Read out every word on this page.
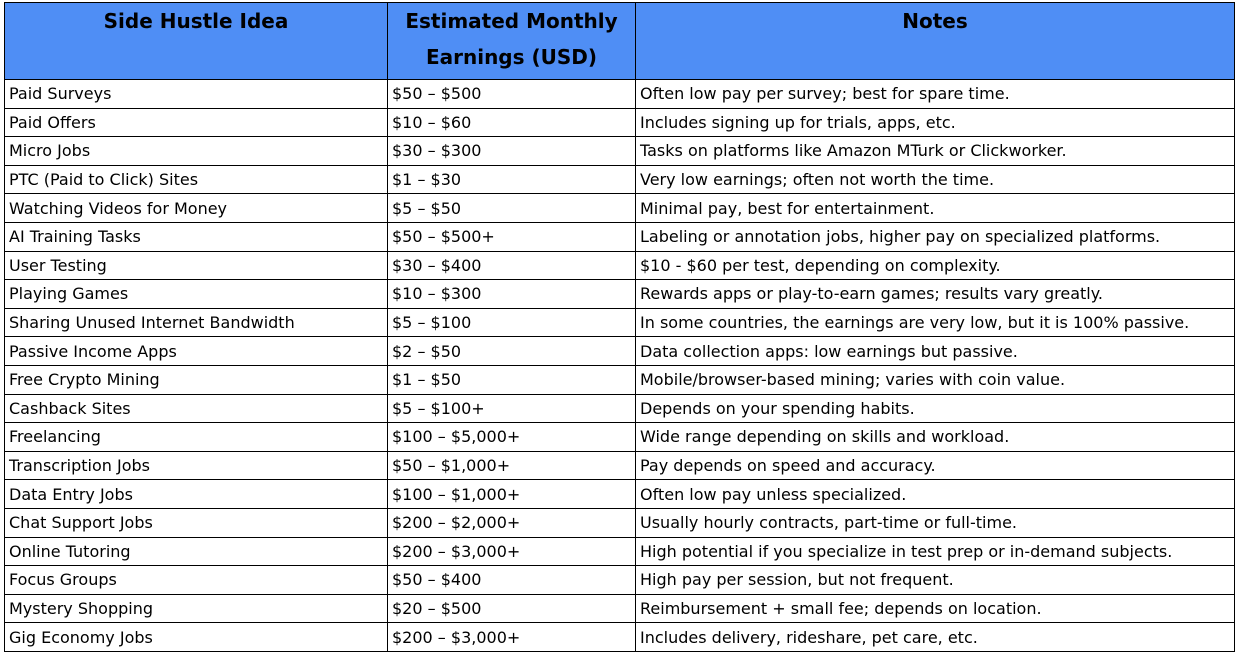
Side Hustle Idea	Estimated Monthly Earnings (USD)	Notes
Paid Surveys	$50 – $500	Often low pay per survey; best for spare time.
Paid Offers	$10 – $60	Includes signing up for trials, apps, etc.
Micro Jobs	$30 – $300	Tasks on platforms like Amazon MTurk or Clickworker.
PTC (Paid to Click) Sites	$1 – $30	Very low earnings; often not worth the time.
Watching Videos for Money	$5 – $50	Minimal pay, best for entertainment.
AI Training Tasks	$50 – $500+	Labeling or annotation jobs, higher pay on specialized platforms.
User Testing	$30 – $400	$10 - $60 per test, depending on complexity.
Playing Games	$10 – $300	Rewards apps or play-to-earn games; results vary greatly.
Sharing Unused Internet Bandwidth	$5 – $100	In some countries, the earnings are very low, but it is 100% passive.
Passive Income Apps	$2 – $50	Data collection apps: low earnings but passive.
Free Crypto Mining	$1 – $50	Mobile/browser-based mining; varies with coin value.
Cashback Sites	$5 – $100+	Depends on your spending habits.
Freelancing	$100 – $5,000+	Wide range depending on skills and workload.
Transcription Jobs	$50 – $1,000+	Pay depends on speed and accuracy.
Data Entry Jobs	$100 – $1,000+	Often low pay unless specialized.
Chat Support Jobs	$200 – $2,000+	Usually hourly contracts, part-time or full-time.
Online Tutoring	$200 – $3,000+	High potential if you specialize in test prep or in-demand subjects.
Focus Groups	$50 – $400	High pay per session, but not frequent.
Mystery Shopping	$20 – $500	Reimbursement + small fee; depends on location.
Gig Economy Jobs	$200 – $3,000+	Includes delivery, rideshare, pet care, etc.
